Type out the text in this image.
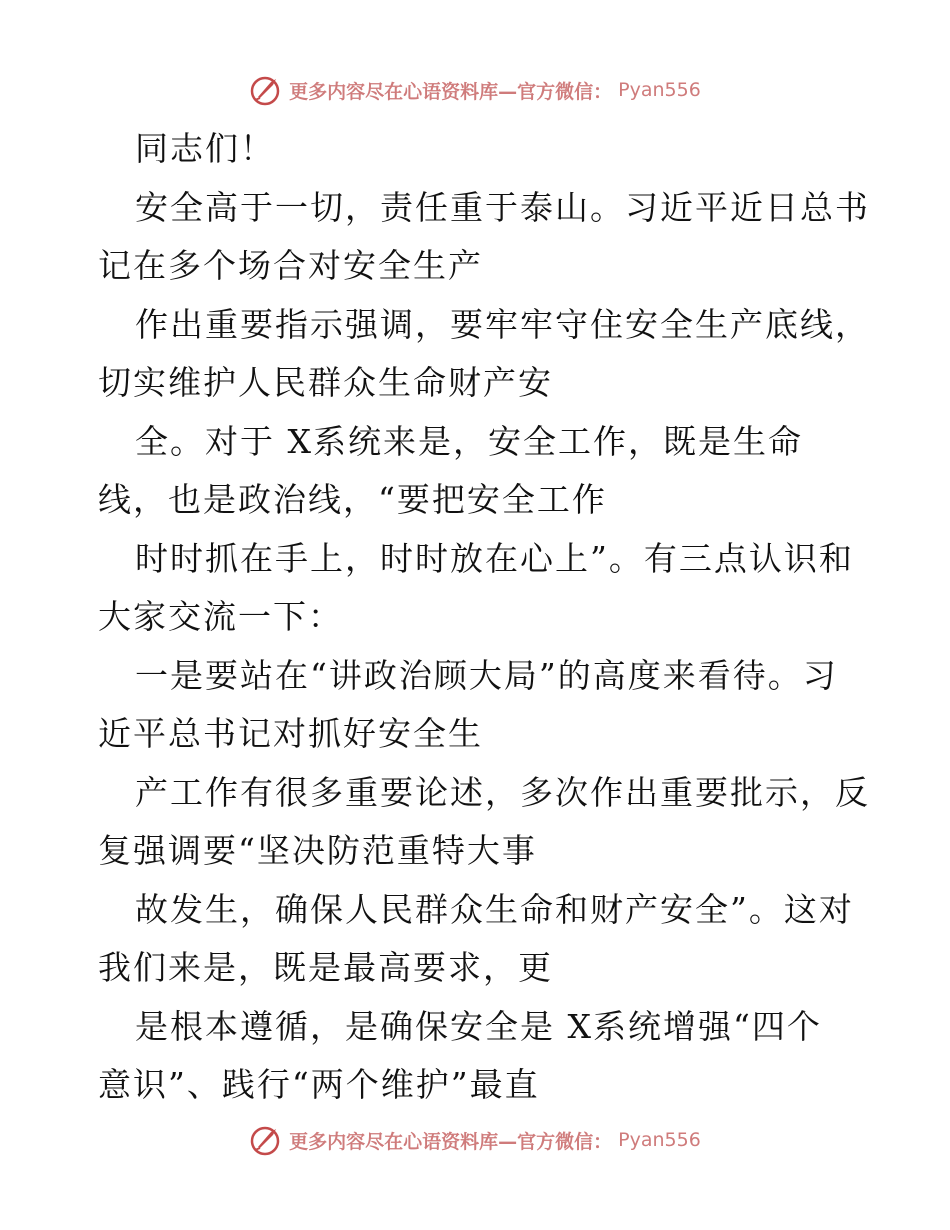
更多内容尽在心语资料库—官方微信： Pyan556
同志们！
安全高于一切，责任重于泰山。习近平近日总书
记在多个场合对安全生产
作出重要指示强调，要牢牢守住安全生产底线，
切实维护人民群众生命财产安
全。对于 X系统来是，安全工作，既是生命
线，也是政治线，“要把安全工作
时时抓在手上，时时放在心上”。有三点认识和
大家交流一下：
一是要站在“讲政治顾大局”的高度来看待。习
近平总书记对抓好安全生
产工作有很多重要论述，多次作出重要批示，反
复强调要“坚决防范重特大事
故发生，确保人民群众生命和财产安全”。这对
我们来是，既是最高要求，更
是根本遵循，是确保安全是 X系统增强“四个
意识”、践行“两个维护”最直
更多内容尽在心语资料库—官方微信： Pyan556
